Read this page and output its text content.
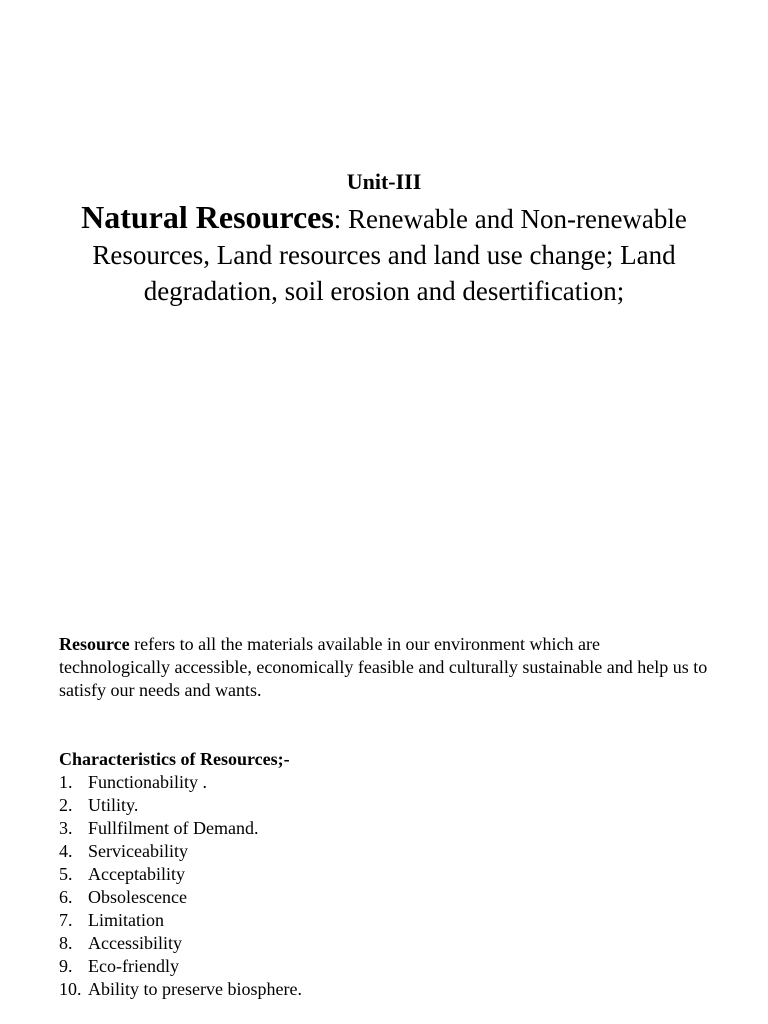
Unit-III
Natural Resources: Renewable and Non-renewable Resources, Land resources and land use change; Land degradation, soil erosion and desertification;
Resource refers to all the materials available in our environment which are technologically accessible, economically feasible and culturally sustainable and help us to satisfy our needs and wants.
Characteristics of Resources;-
1. Functionability .
2. Utility.
3. Fullfilment of Demand.
4. Serviceability
5. Acceptability
6. Obsolescence
7. Limitation
8. Accessibility
9. Eco-friendly
10. Ability to preserve biosphere.
